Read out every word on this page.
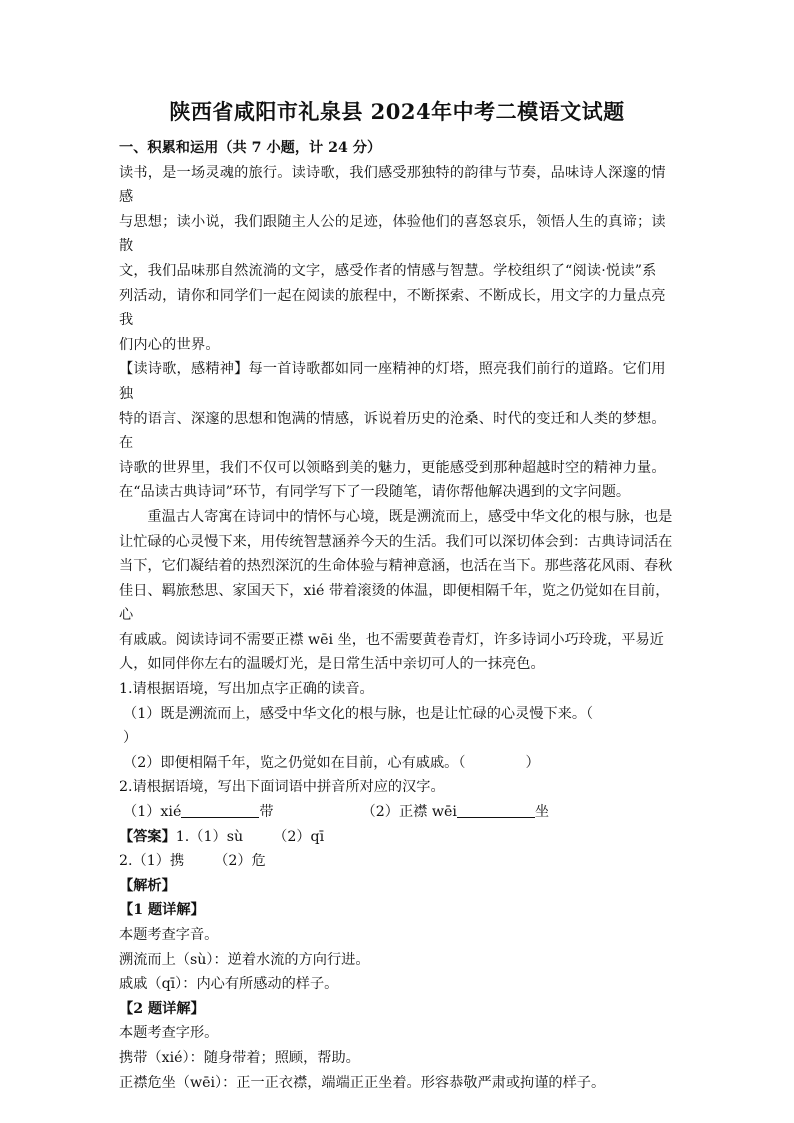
陕西省咸阳市礼泉县 2024年中考二模语文试题

一、积累和运用（共 7 小题，计 24 分）

读书，是一场灵魂的旅行。读诗歌，我们感受那独特的韵律与节奏，品味诗人深邃的情感

与思想；读小说，我们跟随主人公的足迹，体验他们的喜怒哀乐，领悟人生的真谛；读散

文，我们品味那自然流淌的文字，感受作者的情感与智慧。学校组织了“阅读·悦读”系

列活动，请你和同学们一起在阅读的旅程中，不断探索、不断成长，用文字的力量点亮我

们内心的世界。

【读诗歌，感精神】每一首诗歌都如同一座精神的灯塔，照亮我们前行的道路。它们用独

特的语言、深邃的思想和饱满的情感，诉说着历史的沧桑、时代的变迁和人类的梦想。在

诗歌的世界里，我们不仅可以领略到美的魅力，更能感受到那种超越时空的精神力量。

在“品读古典诗词”环节，有同学写下了一段随笔，请你帮他解决遇到的文字问题。

重温古人寄寓在诗词中的情怀与心境，既是溯流而上，感受中华文化的根与脉，也是

让忙碌的心灵慢下来，用传统智慧涵养今天的生活。我们可以深切体会到：古典诗词活在

当下，它们凝结着的热烈深沉的生命体验与精神意涵，也活在当下。那些落花风雨、春秋

佳日、羁旅愁思、家国天下，xié 带着滚烫的体温，即便相隔千年，览之仍觉如在目前，心

有戚戚。阅读诗词不需要正襟 wēi 坐，也不需要黄卷青灯，许多诗词小巧玲珑，平易近

人，如同伴你左右的温暖灯光，是日常生活中亲切可人的一抹亮色。

1.请根据语境，写出加点字正确的读音。

（1）既是溯流而上，感受中华文化的根与脉，也是让忙碌的心灵慢下来。（）

（2）即便相隔千年，览之仍觉如在目前，心有戚戚。（	）

2.请根据语境，写出下面词语中拼音所对应的汉字。

（1）xié	带	（2）正襟 wēi	坐

【答案】1.（1）sù （2）qī

2.（1）携 （2）危

【解析】

【1 题详解】

本题考查字音。

溯流而上（sù）：逆着水流的方向行进。

戚戚（qī）：内心有所感动的样子。

【2 题详解】

本题考查字形。

携带（xié）：随身带着；照顾，帮助。

正襟危坐（wēi）：正一正衣襟，端端正正坐着。形容恭敬严肃或拘谨的样子。
